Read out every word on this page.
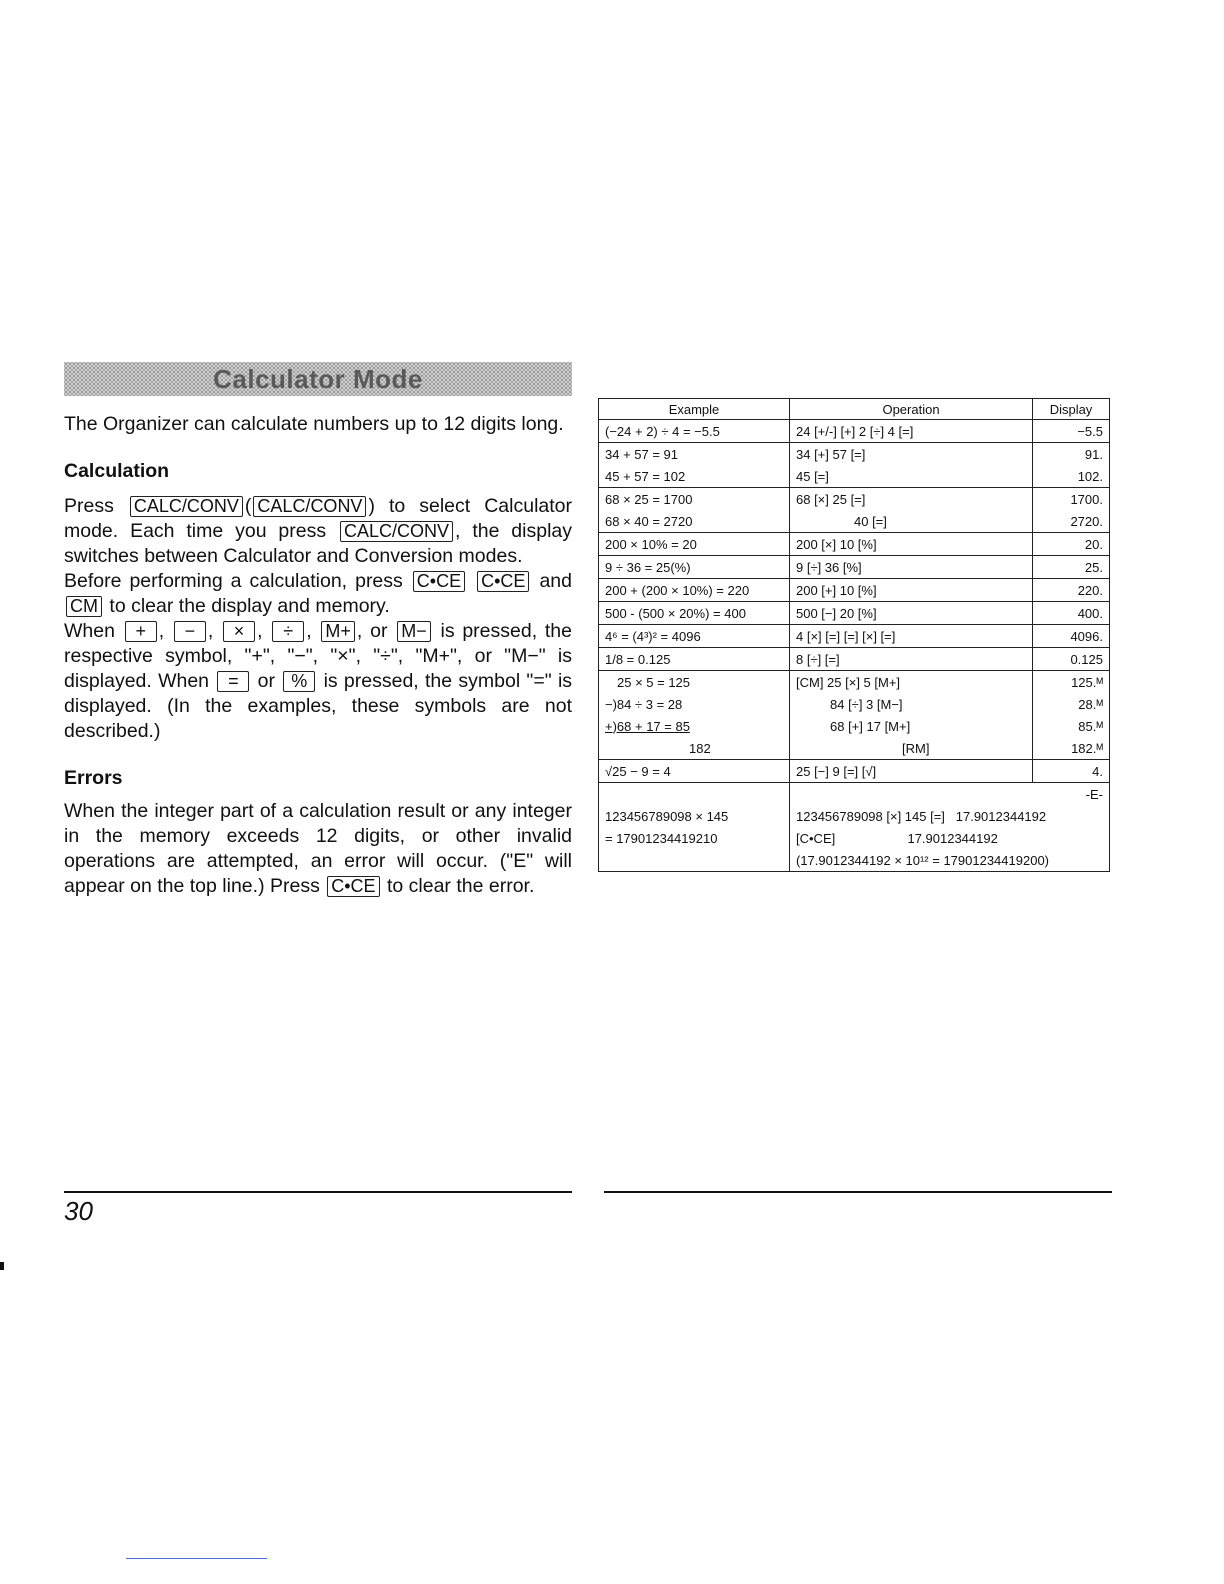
Calculator Mode

The Organizer can calculate numbers up to 12 digits long.

Calculation

Press CALC/CONV ( CALC/CONV ) to select Calculator mode. Each time you press CALC/CONV , the display switches between Calculator and Conversion modes.

Before performing a calculation, press C•CE C•CE and CM to clear the display and memory.

When + , − , × , ÷ , M+ , or M− is pressed, the respective symbol, "+", "−", "×", "÷", "M+", or "M−" is displayed. When = or % is pressed, the symbol "=" is displayed. (In the examples, these symbols are not described.)

Errors

When the integer part of a calculation result or any integer in the memory exceeds 12 digits, or other invalid operations are attempted, an error will occur. ("E" will appear on the top line.) Press C•CE to clear the error.

Example	Operation	Display
(−24 + 2) ÷ 4 = −5.5	24 [+/-] [+] 2 [÷] 4 [=]	−5.5
34 + 57 = 91	34 [+] 57 [=]	91.
45 + 57 = 102	45 [=]	102.
68 × 25 = 1700	68 [×] 25 [=]	1700.
68 × 40 = 2720	40 [=]	2720.
200 × 10% = 20	200 [×] 10 [%]	20.
9 ÷ 36 = 25(%)	9 [÷] 36 [%]	25.
200 + (200 × 10%) = 220	200 [+] 10 [%]	220.
500 - (500 × 20%) = 400	500 [−] 20 [%]	400.
4⁶ = (4³)² = 4096	4 [×] [=] [=] [×] [=]	4096.
1/8 = 0.125	8 [÷] [=]	0.125
25 × 5 = 125	[CM] 25 [×] 5 [M+]	125.ᴹ
−)84 ÷ 3 = 28	84 [÷] 3 [M−]	28.ᴹ
+)68 + 17 = 85	68 [+] 17 [M+]	85.ᴹ
182	[RM]	182.ᴹ
√25 − 9 = 4	25 [−] 9 [=] [√]	4.
	-E-	
123456789098 × 145	123456789098 [×] 145 [=]   17.9012344192	
= 17901234419210	[C•CE]                    17.9012344192	
	(17.9012344192 × 10¹² = 17901234419200)	
30
